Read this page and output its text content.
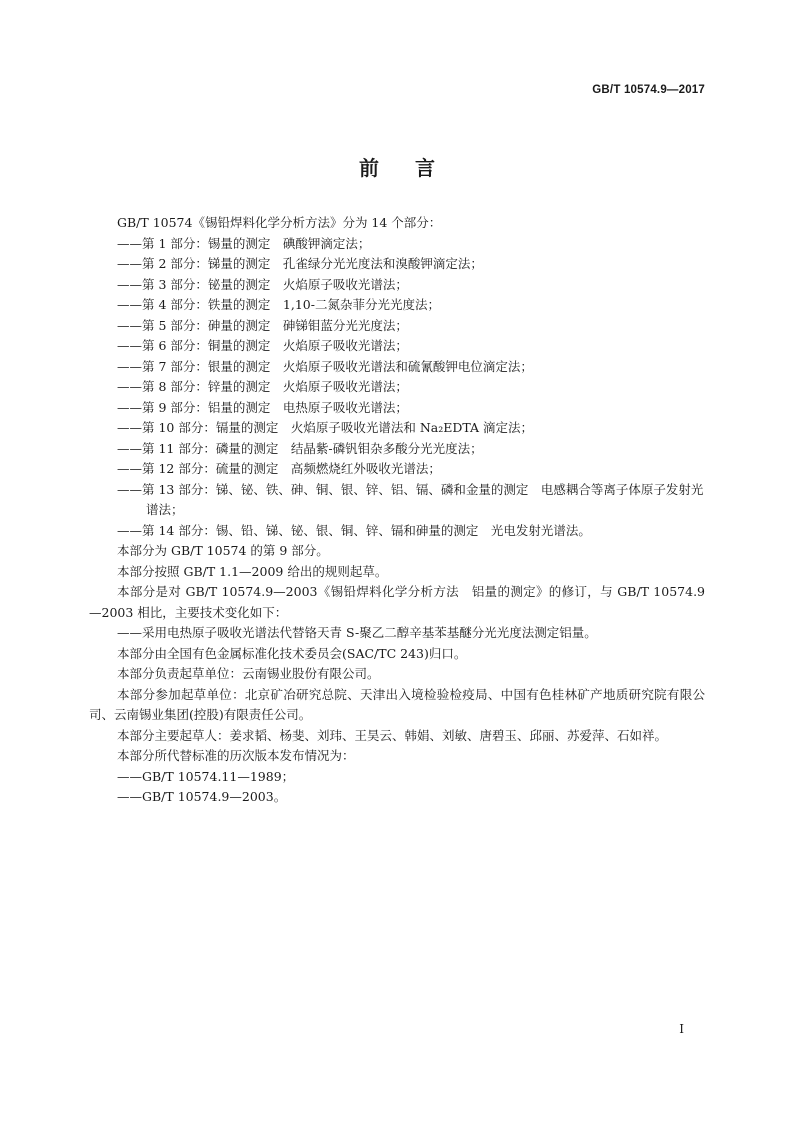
GB/T 10574.9—2017
前言
GB/T 10574《锡铅焊料化学分析方法》分为 14 个部分：
——第 1 部分：锡量的测定　碘酸钾滴定法；
——第 2 部分：锑量的测定　孔雀绿分光光度法和溴酸钾滴定法；
——第 3 部分：铋量的测定　火焰原子吸收光谱法；
——第 4 部分：铁量的测定　1,10-二氮杂菲分光光度法；
——第 5 部分：砷量的测定　砷锑钼蓝分光光度法；
——第 6 部分：铜量的测定　火焰原子吸收光谱法；
——第 7 部分：银量的测定　火焰原子吸收光谱法和硫氰酸钾电位滴定法；
——第 8 部分：锌量的测定　火焰原子吸收光谱法；
——第 9 部分：铝量的测定　电热原子吸收光谱法；
——第 10 部分：镉量的测定　火焰原子吸收光谱法和 Na₂EDTA 滴定法；
——第 11 部分：磷量的测定　结晶紫-磷钒钼杂多酸分光光度法；
——第 12 部分：硫量的测定　高频燃烧红外吸收光谱法；
——第 13 部分：锑、铋、铁、砷、铜、银、锌、铝、镉、磷和金量的测定　电感耦合等离子体原子发射光谱法；
——第 14 部分：锡、铅、锑、铋、银、铜、锌、镉和砷量的测定　光电发射光谱法。
本部分为 GB/T 10574 的第 9 部分。
本部分按照 GB/T 1.1—2009 给出的规则起草。
本部分是对 GB/T 10574.9—2003《锡铅焊料化学分析方法　铝量的测定》的修订，与 GB/T 10574.9—2003 相比，主要技术变化如下：
——采用电热原子吸收光谱法代替铬天青 S-聚乙二醇辛基苯基醚分光光度法测定铝量。
本部分由全国有色金属标准化技术委员会(SAC/TC 243)归口。
本部分负责起草单位：云南锡业股份有限公司。
本部分参加起草单位：北京矿冶研究总院、天津出入境检验检疫局、中国有色桂林矿产地质研究院有限公司、云南锡业集团(控股)有限责任公司。
本部分主要起草人：姜求韬、杨斐、刘玮、王昊云、韩娟、刘敏、唐碧玉、邱丽、苏爱萍、石如祥。
本部分所代替标准的历次版本发布情况为：
——GB/T 10574.11—1989；
——GB/T 10574.9—2003。
I
